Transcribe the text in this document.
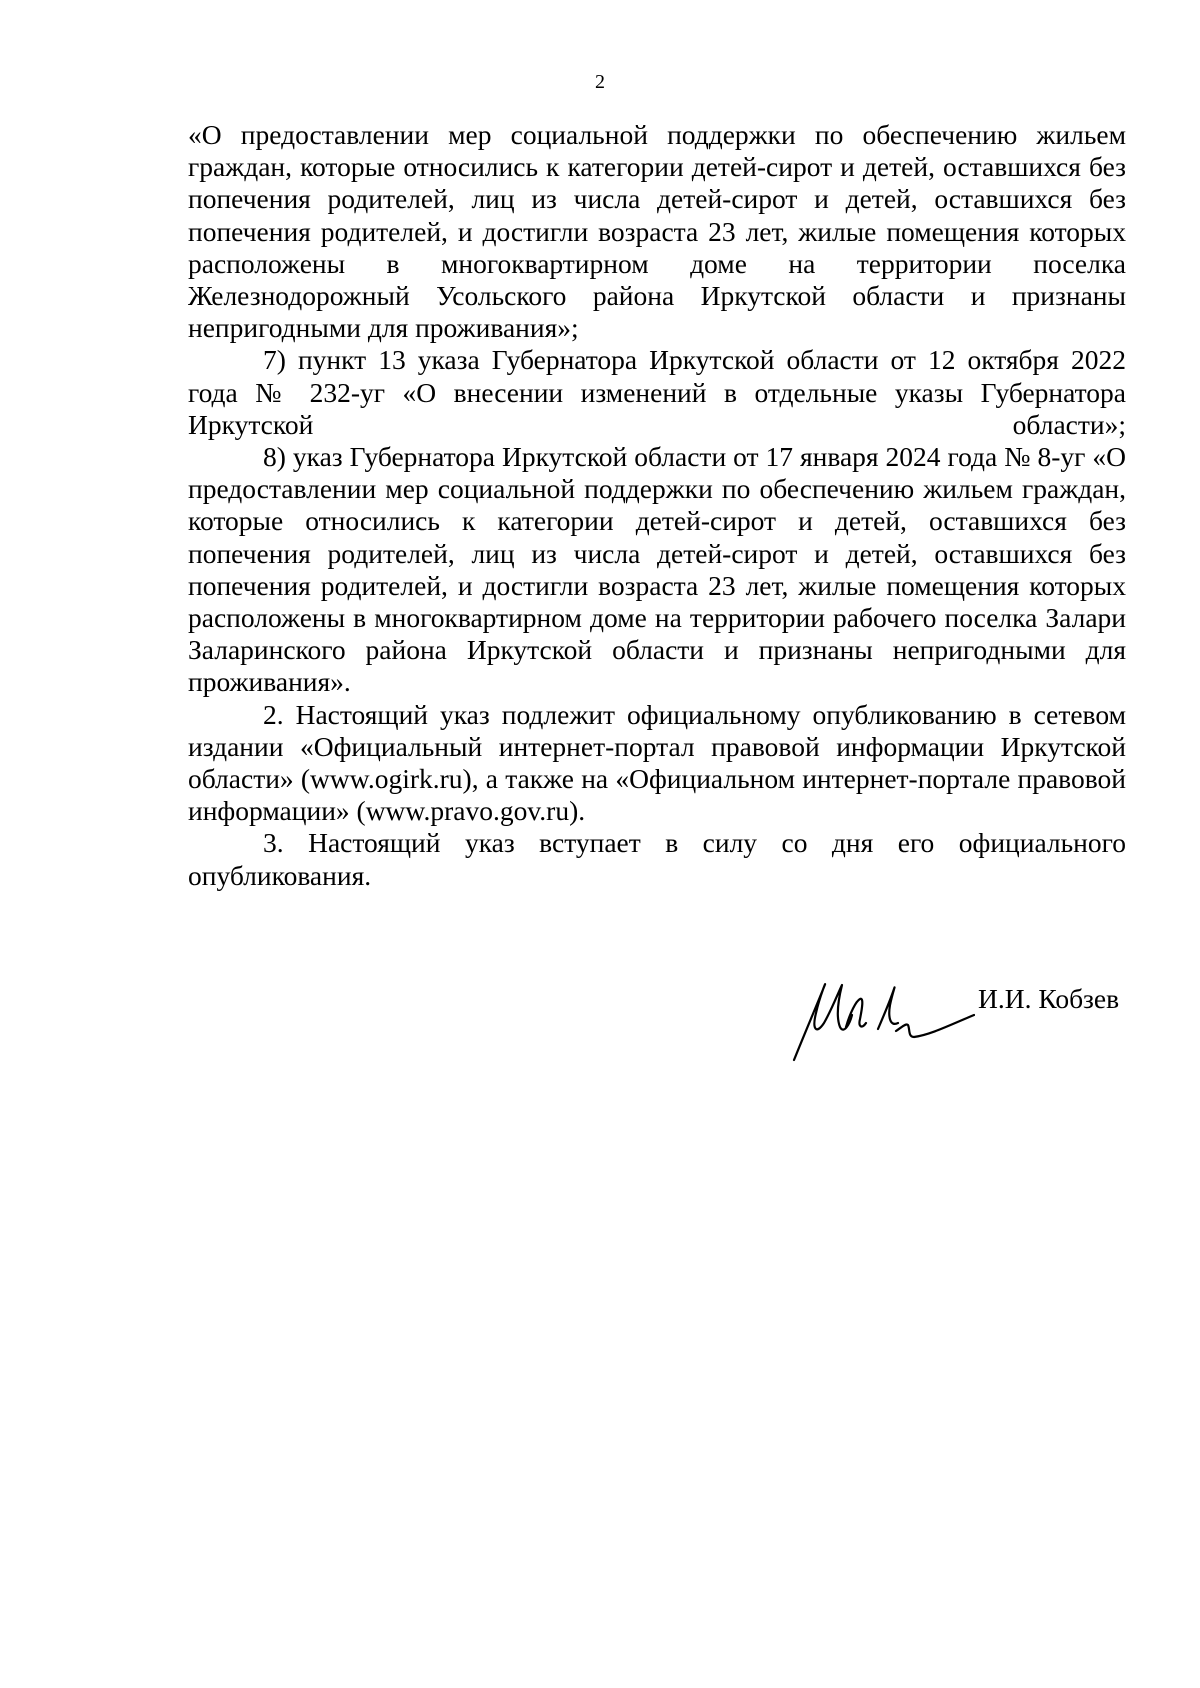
2

«О предоставлении мер социальной поддержки по обеспечению жильем граждан, которые относились к категории детей-сирот и детей, оставшихся без попечения родителей, лиц из числа детей-сирот и детей, оставшихся без попечения родителей, и достигли возраста 23 лет, жилые помещения которых расположены в многоквартирном доме на территории поселка Железнодорожный Усольского района Иркутской области и признаны непригодными для проживания»;

7) пункт 13 указа Губернатора Иркутской области от 12 октября 2022 года № 232-уг «О внесении изменений в отдельные указы Губернатора Иркутской области»;

8) указ Губернатора Иркутской области от 17 января 2024 года № 8-уг «О предоставлении мер социальной поддержки по обеспечению жильем граждан, которые относились к категории детей-сирот и детей, оставшихся без попечения родителей, лиц из числа детей-сирот и детей, оставшихся без попечения родителей, и достигли возраста 23 лет, жилые помещения которых расположены в многоквартирном доме на территории рабочего поселка Залари Заларинского района Иркутской области и признаны непригодными для проживания».

2. Настоящий указ подлежит официальному опубликованию в сетевом издании «Официальный интернет-портал правовой информации Иркутской области» (www.ogirk.ru), а также на «Официальном интернет-портале правовой информации» (www.pravo.gov.ru).

3. Настоящий указ вступает в силу со дня его официального опубликования.

И.И. Кобзев
